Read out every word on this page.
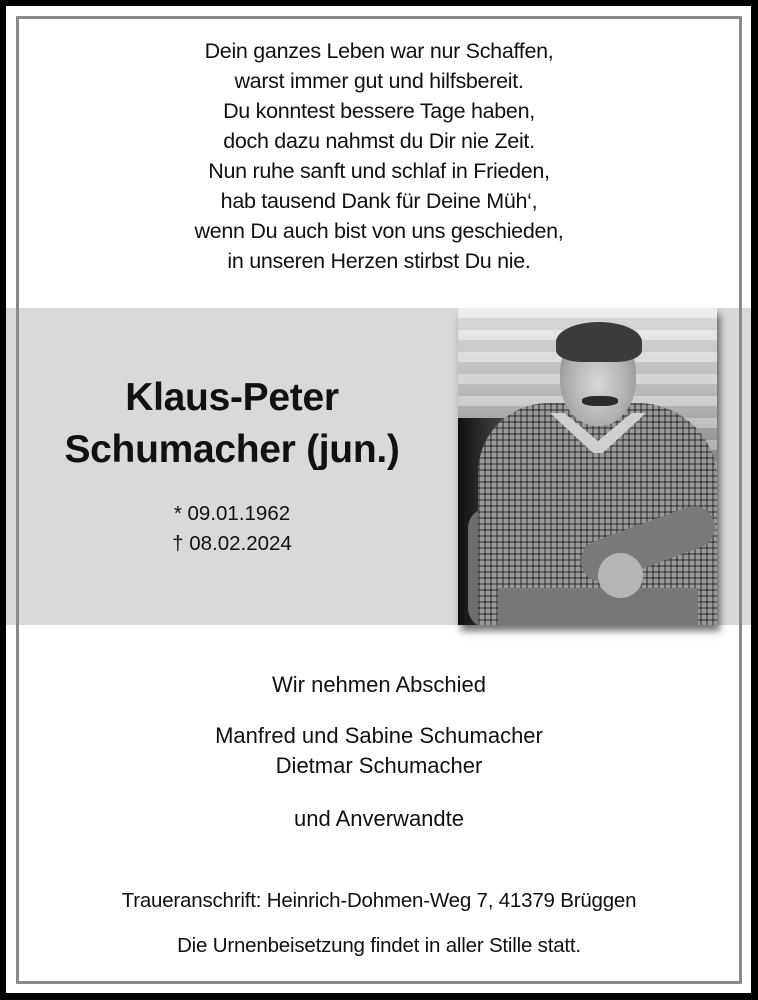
Dein ganzes Leben war nur Schaffen,
warst immer gut und hilfsbereit.
Du konntest bessere Tage haben,
doch dazu nahmst du Dir nie Zeit.
Nun ruhe sanft und schlaf in Frieden,
hab tausend Dank für Deine Müh‘,
wenn Du auch bist von uns geschieden,
in unseren Herzen stirbst Du nie.
Klaus-Peter
Schumacher (jun.)
* 09.01.1962
† 08.02.2024
Wir nehmen Abschied
Manfred und Sabine Schumacher
Dietmar Schumacher
und Anverwandte
Traueranschrift: Heinrich-Dohmen-Weg 7, 41379 Brüggen
Die Urnenbeisetzung findet in aller Stille statt.
